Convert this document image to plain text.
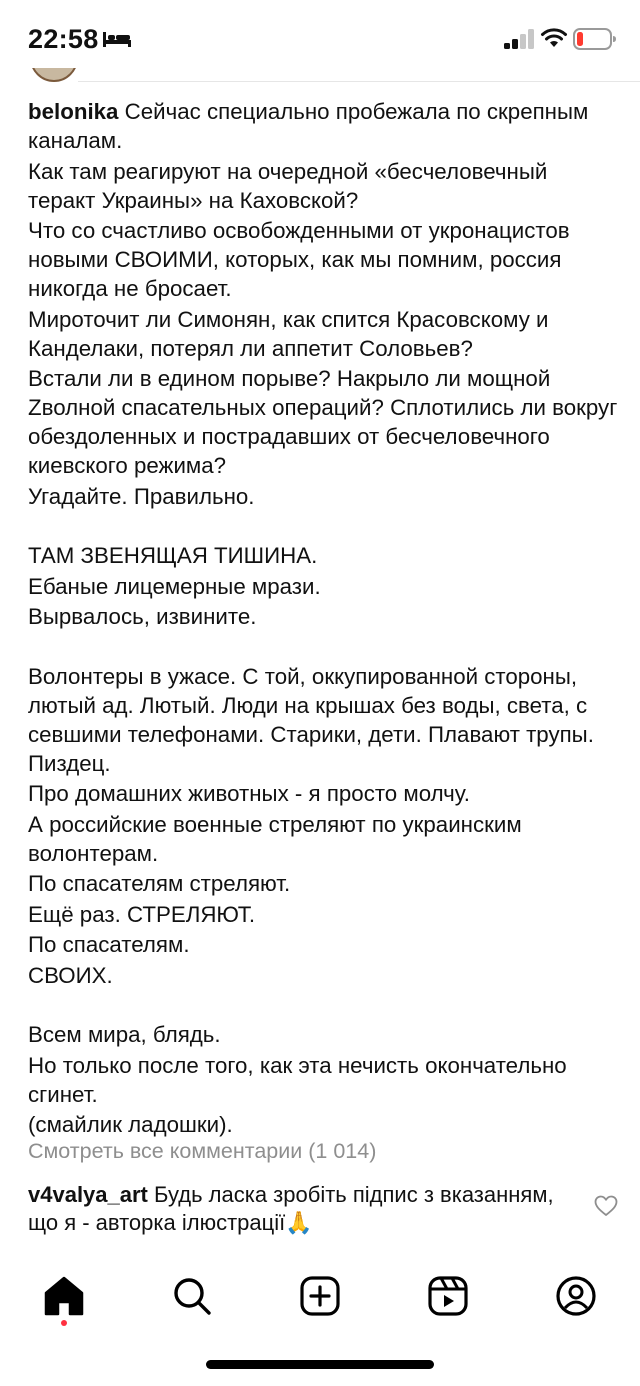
22:58

belonika Сейчас специально пробежала по скрепным каналам.

Как там реагируют на очередной «бесчеловечный теракт Украины» на Каховской?

Что со счастливо освобожденными от укронацистов новыми СВОИМИ, которых, как мы помним, россия никогда не бросает.

Мироточит ли Симонян, как спится Красовскому и Канделаки, потерял ли аппетит Соловьев?

Встали ли в едином порыве? Накрыло ли мощной Zволной спасательных операций? Сплотились ли вокруг обездоленных и пострадавших от бесчеловечного киевского режима?

Угадайте. Правильно.

ТАМ ЗВЕНЯЩАЯ ТИШИНА.

Ебаные лицемерные мрази.

Вырвалось, извините.

Волонтеры в ужасе. С той, оккупированной стороны, лютый ад. Лютый. Люди на крышах без воды, света, с севшими телефонами. Старики, дети. Плавают трупы. Пиздец.

Про домашних животных - я просто молчу.

А российские военные стреляют по украинским волонтерам.

По спасателям стреляют.

Ещё раз. СТРЕЛЯЮТ.

По спасателям.

СВОИХ.

Всем мира, блядь.

Но только после того, как эта нечисть окончательно сгинет.

(смайлик ладошки).

Смотреть все комментарии (1 014)
v4valya_art Будь ласка зробіть підпис з вказанням, що я - авторка ілюстрації🙏
